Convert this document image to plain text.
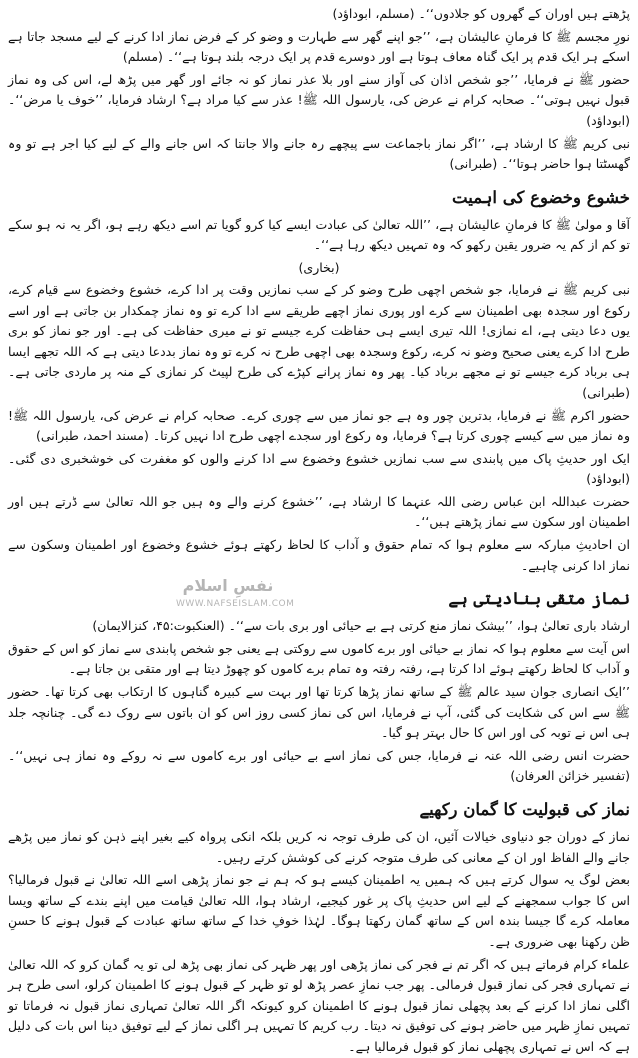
پڑھتے ہیں اوران کے گھروں کو جلادوں‘‘۔ (مسلم، ابوداؤد)

نورِ مجسم ﷺ کا فرمانِ عالیشان ہے، ’’جو اپنے گھر سے طہارت و وضو کر کے فرض نماز ادا کرنے کے لیے مسجد جاتا ہے اسکے ہر ایک قدم پر ایک گناہ معاف ہوتا ہے اور دوسرے قدم پر ایک درجہ بلند ہوتا ہے‘‘۔ (مسلم)

حضور ﷺ نے فرمایا، ’’جو شخص اذان کی آواز سنے اور بلا عذر نماز کو نہ جائے اور گھر میں پڑھ لے، اس کی وہ نماز قبول نہیں ہوتی‘‘۔ صحابہ کرام نے عرض کی، یارسول اللہ ﷺ! عذر سے کیا مراد ہے؟ ارشاد فرمایا، ’’خوف یا مرض‘‘۔ (ابوداؤد)

نبی کریم ﷺ کا ارشاد ہے، ’’اگر نماز باجماعت سے پیچھے رہ جانے والا جانتا کہ اس جانے والے کے لیے کیا اجر ہے تو وہ گھسٹتا ہوا حاضر ہوتا‘‘۔ (طبرانی)

خشوع وخضوع کی اہمیت

آقا و مولیٰ ﷺ کا فرمانِ عالیشان ہے، ’’اللہ تعالیٰ کی عبادت ایسے کیا کرو گویا تم اسے دیکھ رہے ہو، اگر یہ نہ ہو سکے تو کم از کم یہ ضرور یقین رکھو کہ وہ تمہیں دیکھ رہا ہے‘‘۔

(بخاری)

نبی کریم ﷺ نے فرمایا، جو شخص اچھی طرح وضو کر کے سب نمازیں وقت پر ادا کرے، خشوع وخضوع سے قیام کرے، رکوع اور سجدہ بھی اطمینان سے کرے اور پوری نماز اچھے طریقے سے ادا کرے تو وہ نماز چمکدار بن جاتی ہے اور اسے یوں دعا دیتی ہے، اے نمازی! اللہ تیری ایسے ہی حفاظت کرے جیسے تو نے میری حفاظت کی ہے۔ اور جو نماز کو بری طرح ادا کرے یعنی صحیح وضو نہ کرے، رکوع وسجدہ بھی اچھی طرح نہ کرے تو وہ نماز بددعا دیتی ہے کہ اللہ تجھے ایسا ہی برباد کرے جیسے تو نے مجھے برباد کیا۔ پھر وہ نماز پرانے کپڑے کی طرح لپیٹ کر نمازی کے منہ پر ماردی جاتی ہے۔ (طبرانی)

حضور اکرم ﷺ نے فرمایا، بدترین چور وہ ہے جو نماز میں سے چوری کرے۔ صحابہ کرام نے عرض کی، یارسول اللہ ﷺ! وہ نماز میں سے کیسے چوری کرتا ہے؟ فرمایا، وہ رکوع اور سجدے اچھی طرح ادا نہیں کرتا۔ (مسند احمد، طبرانی)

ایک اور حدیثِ پاک میں پابندی سے سب نمازیں خشوع وخضوع سے ادا کرنے والوں کو مغفرت کی خوشخبری دی گئی۔ (ابوداؤد)

حضرت عبداللہ ابن عباس رضی اللہ عنہما کا ارشاد ہے، ’’خشوع کرنے والے وہ ہیں جو اللہ تعالیٰ سے ڈرتے ہیں اور اطمینان اور سکون سے نماز پڑھتے ہیں‘‘۔

ان احادیثِ مبارکہ سے معلوم ہوا کہ تمام حقوق و آداب کا لحاظ رکھتے ہوئے خشوع وخضوع اور اطمینان وسکون سے نماز ادا کرنی چاہیے۔

نماز متقی بنادیتی ہے

ارشاد باری تعالیٰ ہوا، ’’بیشک نماز منع کرتی ہے بے حیائی اور بری بات سے‘‘۔ (العنکبوت:۴۵، کنزالایمان)

اس آیت سے معلوم ہوا کہ نماز بے حیائی اور برے کاموں سے روکتی ہے یعنی جو شخص پابندی سے نماز کو اس کے حقوق و آداب کا لحاظ رکھتے ہوئے ادا کرتا ہے، رفتہ رفتہ وہ تمام برے کاموں کو چھوڑ دیتا ہے اور متقی بن جاتا ہے۔

’’ایک انصاری جوان سید عالم ﷺ کے ساتھ نماز پڑھا کرتا تھا اور بہت سے کبیرہ گناہوں کا ارتکاب بھی کرتا تھا۔ حضور ﷺ سے اس کی شکایت کی گئی، آپ نے فرمایا، اس کی نماز کسی روز اس کو ان باتوں سے روک دے گی۔ چنانچہ جلد ہی اس نے توبہ کی اور اس کا حال بہتر ہو گیا۔

حضرت انس رضی اللہ عنہ نے فرمایا، جس کی نماز اسے بے حیائی اور برے کاموں سے نہ روکے وہ نماز ہی نہیں‘‘۔ (تفسیر خزائن العرفان)

نماز کی قبولیت کا گمان رکھیے

نماز کے دوران جو دنیاوی خیالات آئیں، ان کی طرف توجہ نہ کریں بلکہ انکی پرواہ کیے بغیر اپنے ذہن کو نماز میں پڑھے جانے والے الفاظ اور ان کے معانی کی طرف متوجہ کرنے کی کوشش کرتے رہیں۔

بعض لوگ یہ سوال کرتے ہیں کہ ہمیں یہ اطمینان کیسے ہو کہ ہم نے جو نماز پڑھی اسے اللہ تعالیٰ نے قبول فرمالیا؟ اس کا جواب سمجھنے کے لیے اس حدیثِ پاک پر غور کیجیے، ارشاد ہوا، اللہ تعالیٰ قیامت میں اپنے بندے کے ساتھ ویسا معاملہ کرے گا جیسا بندہ اس کے ساتھ گمان رکھتا ہوگا۔ لہٰذا خوفِ خدا کے ساتھ ساتھ عبادت کے قبول ہونے کا حسنِ ظن رکھنا بھی ضروری ہے۔

علماء کرام فرماتے ہیں کہ اگر تم نے فجر کی نماز پڑھی اور پھر ظہر کی نماز بھی پڑھ لی تو یہ گمان کرو کہ اللہ تعالیٰ نے تمہاری فجر کی نماز قبول فرمالی۔ پھر جب نمازِ عصر پڑھ لو تو ظہر کے قبول ہونے کا اطمینان کرلو، اسی طرح ہر اگلی نماز ادا کرنے کے بعد پچھلی نماز قبول ہونے کا اطمینان کرو کیونکہ اگر اللہ تعالیٰ تمہاری نماز قبول نہ فرماتا تو تمہیں نمازِ ظہر میں حاضر ہونے کی توفیق نہ دیتا۔ رب کریم کا تمہیں ہر اگلی نماز کے لیے توفیق دینا اس بات کی دلیل ہے کہ اس نے تمہاری پچھلی نماز کو قبول فرمالیا ہے۔

نفسِ اسلام
WWW.NAFSEISLAM.COM
